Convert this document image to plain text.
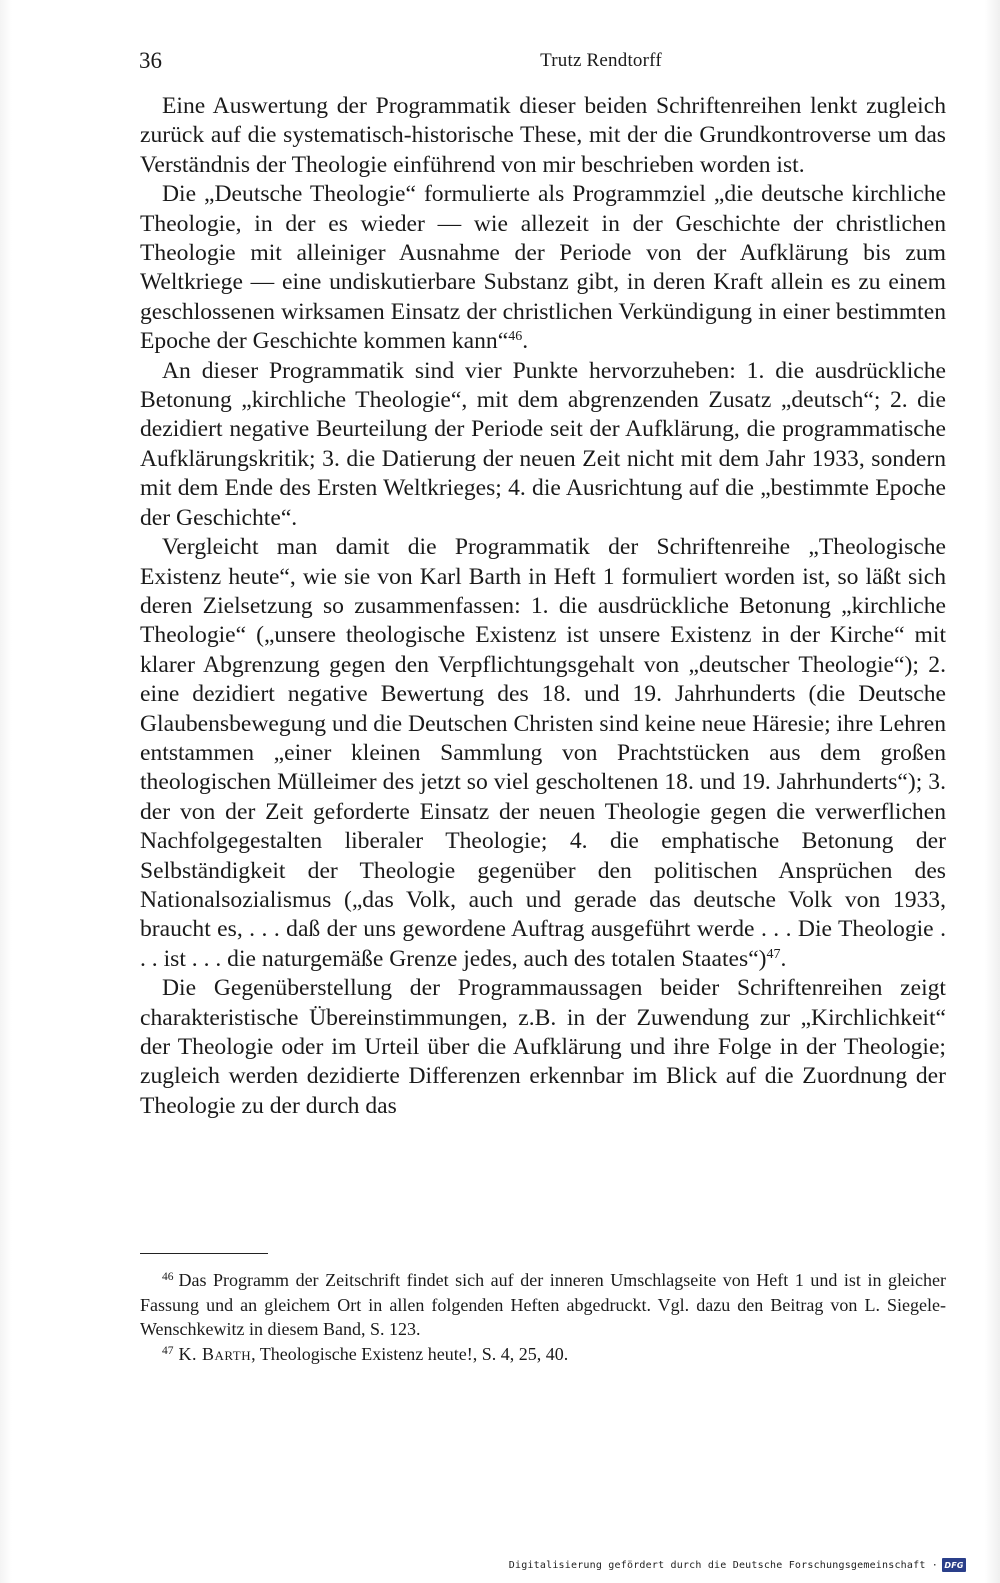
36	Trutz Rendtorff

Eine Auswertung der Programmatik dieser beiden Schriftenreihen lenkt zugleich zurück auf die systematisch-historische These, mit der die Grundkontroverse um das Verständnis der Theologie einführend von mir beschrieben worden ist.

Die „Deutsche Theologie“ formulierte als Programmziel „die deutsche kirchliche Theologie, in der es wieder — wie allezeit in der Geschichte der christlichen Theologie mit alleiniger Ausnahme der Periode von der Aufklärung bis zum Weltkriege — eine undiskutierbare Substanz gibt, in deren Kraft allein es zu einem geschlossenen wirksamen Einsatz der christlichen Verkündigung in einer bestimmten Epoche der Geschichte kommen kann“$^{46}$.

An dieser Programmatik sind vier Punkte hervorzuheben: 1. die ausdrückliche Betonung „kirchliche Theologie“, mit dem abgrenzenden Zusatz „deutsch“; 2. die dezidiert negative Beurteilung der Periode seit der Aufklärung, die programmatische Aufklärungskritik; 3. die Datierung der neuen Zeit nicht mit dem Jahr 1933, sondern mit dem Ende des Ersten Weltkrieges; 4. die Ausrichtung auf die „bestimmte Epoche der Geschichte“.

Vergleicht man damit die Programmatik der Schriftenreihe „Theologische Existenz heute“, wie sie von Karl Barth in Heft 1 formuliert worden ist, so läßt sich deren Zielsetzung so zusammenfassen: 1. die ausdrückliche Betonung „kirchliche Theologie“ („unsere theologische Existenz ist unsere Existenz in der Kirche“ mit klarer Abgrenzung gegen den Verpflichtungsgehalt von „deutscher Theologie“); 2. eine dezidiert negative Bewertung des 18. und 19. Jahrhunderts (die Deutsche Glaubensbewegung und die Deutschen Christen sind keine neue Häresie; ihre Lehren entstammen „einer kleinen Sammlung von Prachtstücken aus dem großen theologischen Mülleimer des jetzt so viel gescholtenen 18. und 19. Jahrhunderts“); 3. der von der Zeit geforderte Einsatz der neuen Theologie gegen die verwerflichen Nachfolgegestalten liberaler Theologie; 4. die emphatische Betonung der Selbständigkeit der Theologie gegenüber den politischen Ansprüchen des Nationalsozialismus („das Volk, auch und gerade das deutsche Volk von 1933, braucht es, . . . daß der uns gewordene Auftrag ausgeführt werde . . . Die Theologie . . . ist . . . die naturgemäße Grenze jedes, auch des totalen Staates“)$^{47}$.

Die Gegenüberstellung der Programmaussagen beider Schriftenreihen zeigt charakteristische Übereinstimmungen, z.B. in der Zuwendung zur „Kirchlichkeit“ der Theologie oder im Urteil über die Aufklärung und ihre Folge in der Theologie; zugleich werden dezidierte Differenzen erkennbar im Blick auf die Zuordnung der Theologie zu der durch das

$^{46}$ Das Programm der Zeitschrift findet sich auf der inneren Umschlagseite von Heft 1 und ist in gleicher Fassung und an gleichem Ort in allen folgenden Heften abgedruckt. Vgl. dazu den Beitrag von L. Siegele-Wenschkewitz in diesem Band, S. 123.

$^{47}$ K. Barth, Theologische Existenz heute!, S. 4, 25, 40.

Digitalisierung gefördert durch die Deutsche Forschungsgemeinschaft · DFG
